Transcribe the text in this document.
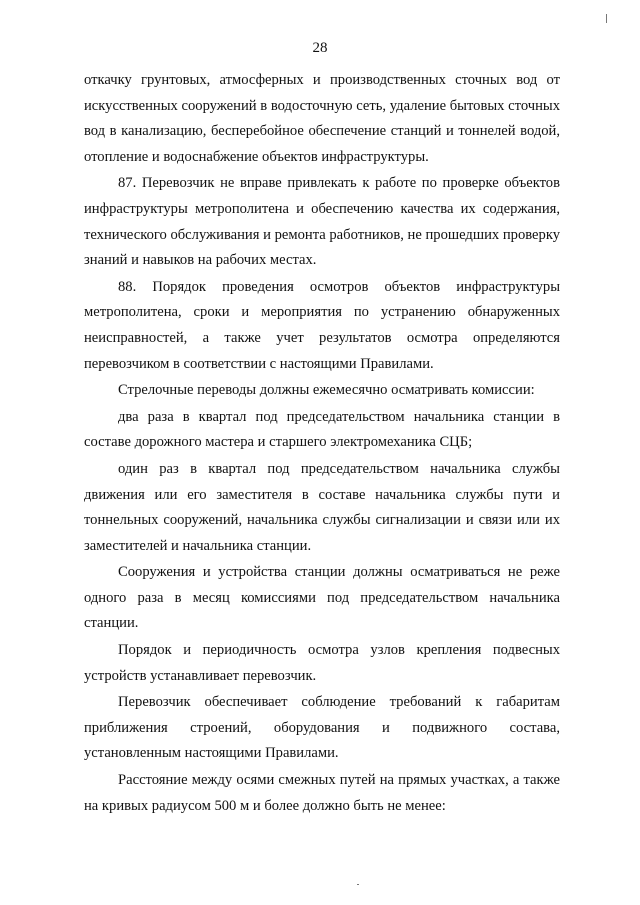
28

откачку грунтовых, атмосферных и производственных сточных вод от искусственных сооружений в водосточную сеть, удаление бытовых сточных вод в канализацию, бесперебойное обеспечение станций и тоннелей водой, отопление и водоснабжение объектов инфраструктуры.

87. Перевозчик не вправе привлекать к работе по проверке объектов инфраструктуры метрополитена и обеспечению качества их содержания, технического обслуживания и ремонта работников, не прошедших проверку знаний и навыков на рабочих местах.

88. Порядок проведения осмотров объектов инфраструктуры метрополитена, сроки и мероприятия по устранению обнаруженных неисправностей, а также учет результатов осмотра определяются перевозчиком в соответствии с настоящими Правилами.

Стрелочные переводы должны ежемесячно осматривать комиссии:

два раза в квартал под председательством начальника станции в составе дорожного мастера и старшего электромеханика СЦБ;

один раз в квартал под председательством начальника службы движения или его заместителя в составе начальника службы пути и тоннельных сооружений, начальника службы сигнализации и связи или их заместителей и начальника станции.

Сооружения и устройства станции должны осматриваться не реже одного раза в месяц комиссиями под председательством начальника станции.

Порядок и периодичность осмотра узлов крепления подвесных устройств устанавливает перевозчик.

Перевозчик обеспечивает соблюдение требований к габаритам приближения строений, оборудования и подвижного состава, установленным настоящими Правилами.

Расстояние между осями смежных путей на прямых участках, а также на кривых радиусом 500 м и более должно быть не менее:
